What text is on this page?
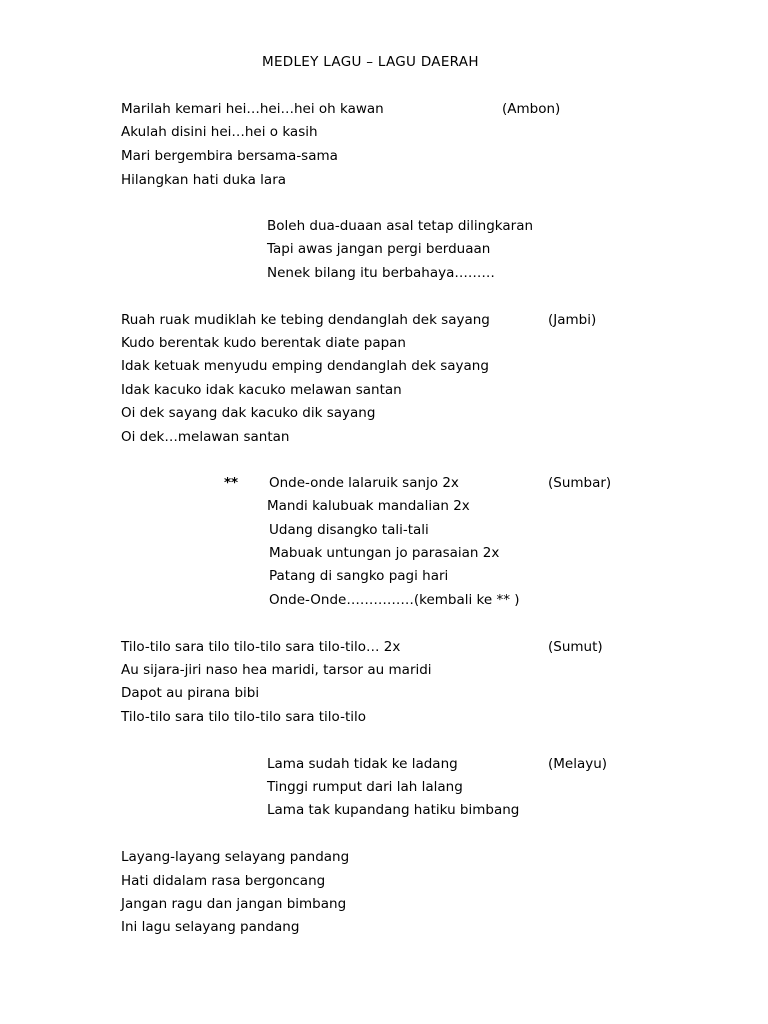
MEDLEY LAGU – LAGU DAERAH
Marilah kemari hei…hei…hei oh kawan	(Ambon)
Akulah disini hei…hei o kasih
Mari bergembira bersama-sama
Hilangkan hati duka lara
Boleh dua-duaan asal tetap dilingkaran
Tapi awas jangan pergi berduaan
Nenek bilang itu berbahaya………
Ruah ruak mudiklah ke tebing dendanglah dek sayang	(Jambi)
Kudo berentak kudo berentak diate papan
Idak ketuak menyudu emping dendanglah dek sayang
Idak kacuko idak kacuko melawan santan
Oi dek sayang dak kacuko dik sayang
Oi dek…melawan santan
** Onde-onde lalaruik sanjo 2x	(Sumbar)
Mandi kalubuak mandalian 2x
Udang disangko tali-tali
Mabuak untungan jo parasaian 2x
Patang di sangko pagi hari
Onde-Onde……………(kembali ke ** )
Tilo-tilo sara tilo tilo-tilo sara tilo-tilo… 2x	(Sumut)
Au sijara-jiri naso hea maridi, tarsor au maridi
Dapot au pirana bibi
Tilo-tilo sara tilo tilo-tilo sara tilo-tilo
Lama sudah tidak ke ladang	(Melayu)
Tinggi rumput dari lah lalang
Lama tak kupandang hatiku bimbang
Layang-layang selayang pandang
Hati didalam rasa bergoncang
Jangan ragu dan jangan bimbang
Ini lagu selayang pandang
